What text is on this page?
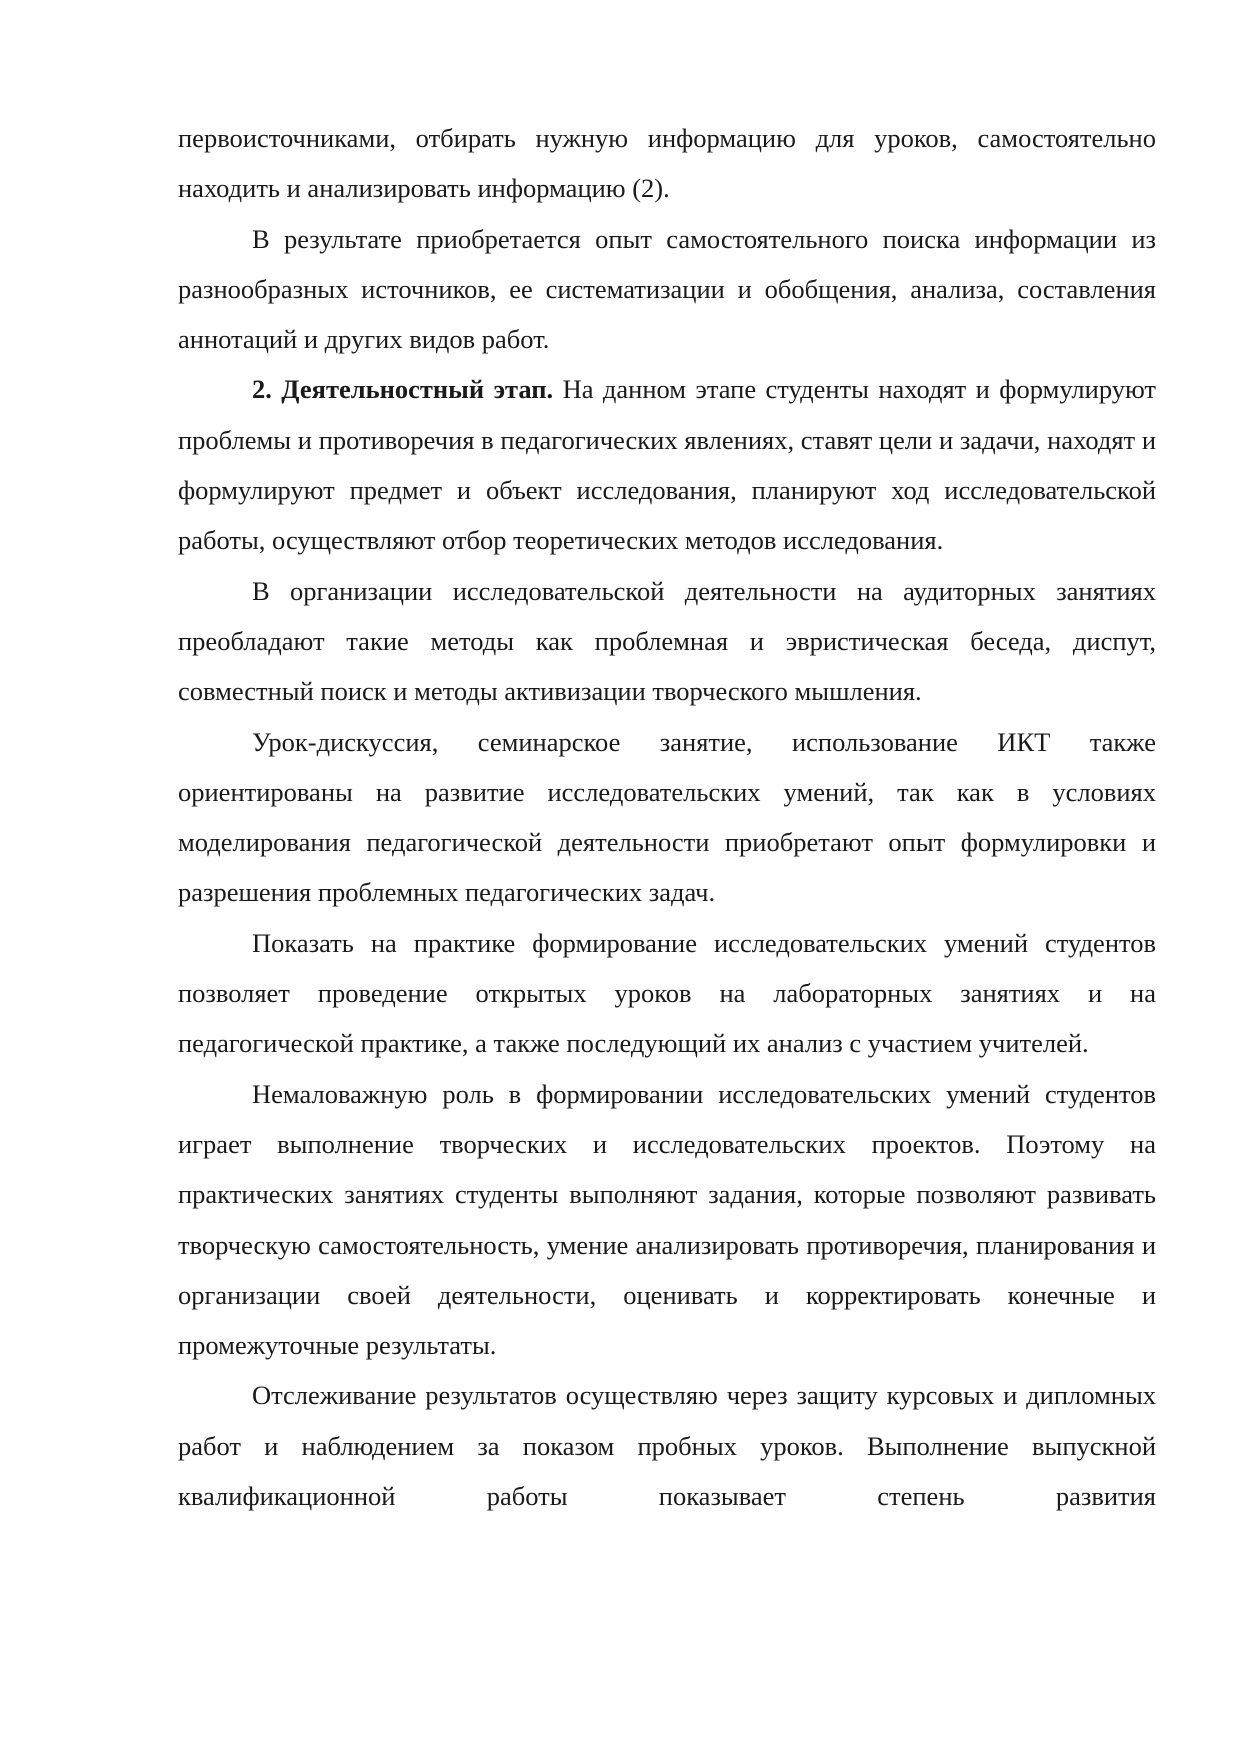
первоисточниками, отбирать нужную информацию для уроков, самостоятельно находить и анализировать информацию (2).

В результате приобретается опыт самостоятельного поиска информации из разнообразных источников, ее систематизации и обобщения, анализа, составления аннотаций и других видов работ.

2. Деятельностный этап. На данном этапе студенты находят и формулируют проблемы и противоречия в педагогических явлениях, ставят цели и задачи, находят и формулируют предмет и объект исследования, планируют ход исследовательской работы, осуществляют отбор теоретических методов исследования.

В организации исследовательской деятельности на аудиторных занятиях преобладают такие методы как проблемная и эвристическая беседа, диспут, совместный поиск и методы активизации творческого мышления.

Урок-дискуссия, семинарское занятие, использование ИКТ также ориентированы на развитие исследовательских умений, так как в условиях моделирования педагогической деятельности приобретают опыт формулировки и разрешения проблемных педагогических задач.

Показать на практике формирование исследовательских умений студентов позволяет проведение открытых уроков на лабораторных занятиях и на педагогической практике, а также последующий их анализ с участием учителей.

Немаловажную роль в формировании исследовательских умений студентов играет выполнение творческих и исследовательских проектов. Поэтому на практических занятиях студенты выполняют задания, которые позволяют развивать творческую самостоятельность, умение анализировать противоречия, планирования и организации своей деятельности, оценивать и корректировать конечные и промежуточные результаты.

Отслеживание результатов осуществляю через защиту курсовых и дипломных работ и наблюдением за показом пробных уроков. Выполнение выпускной квалификационной работы показывает степень развития
